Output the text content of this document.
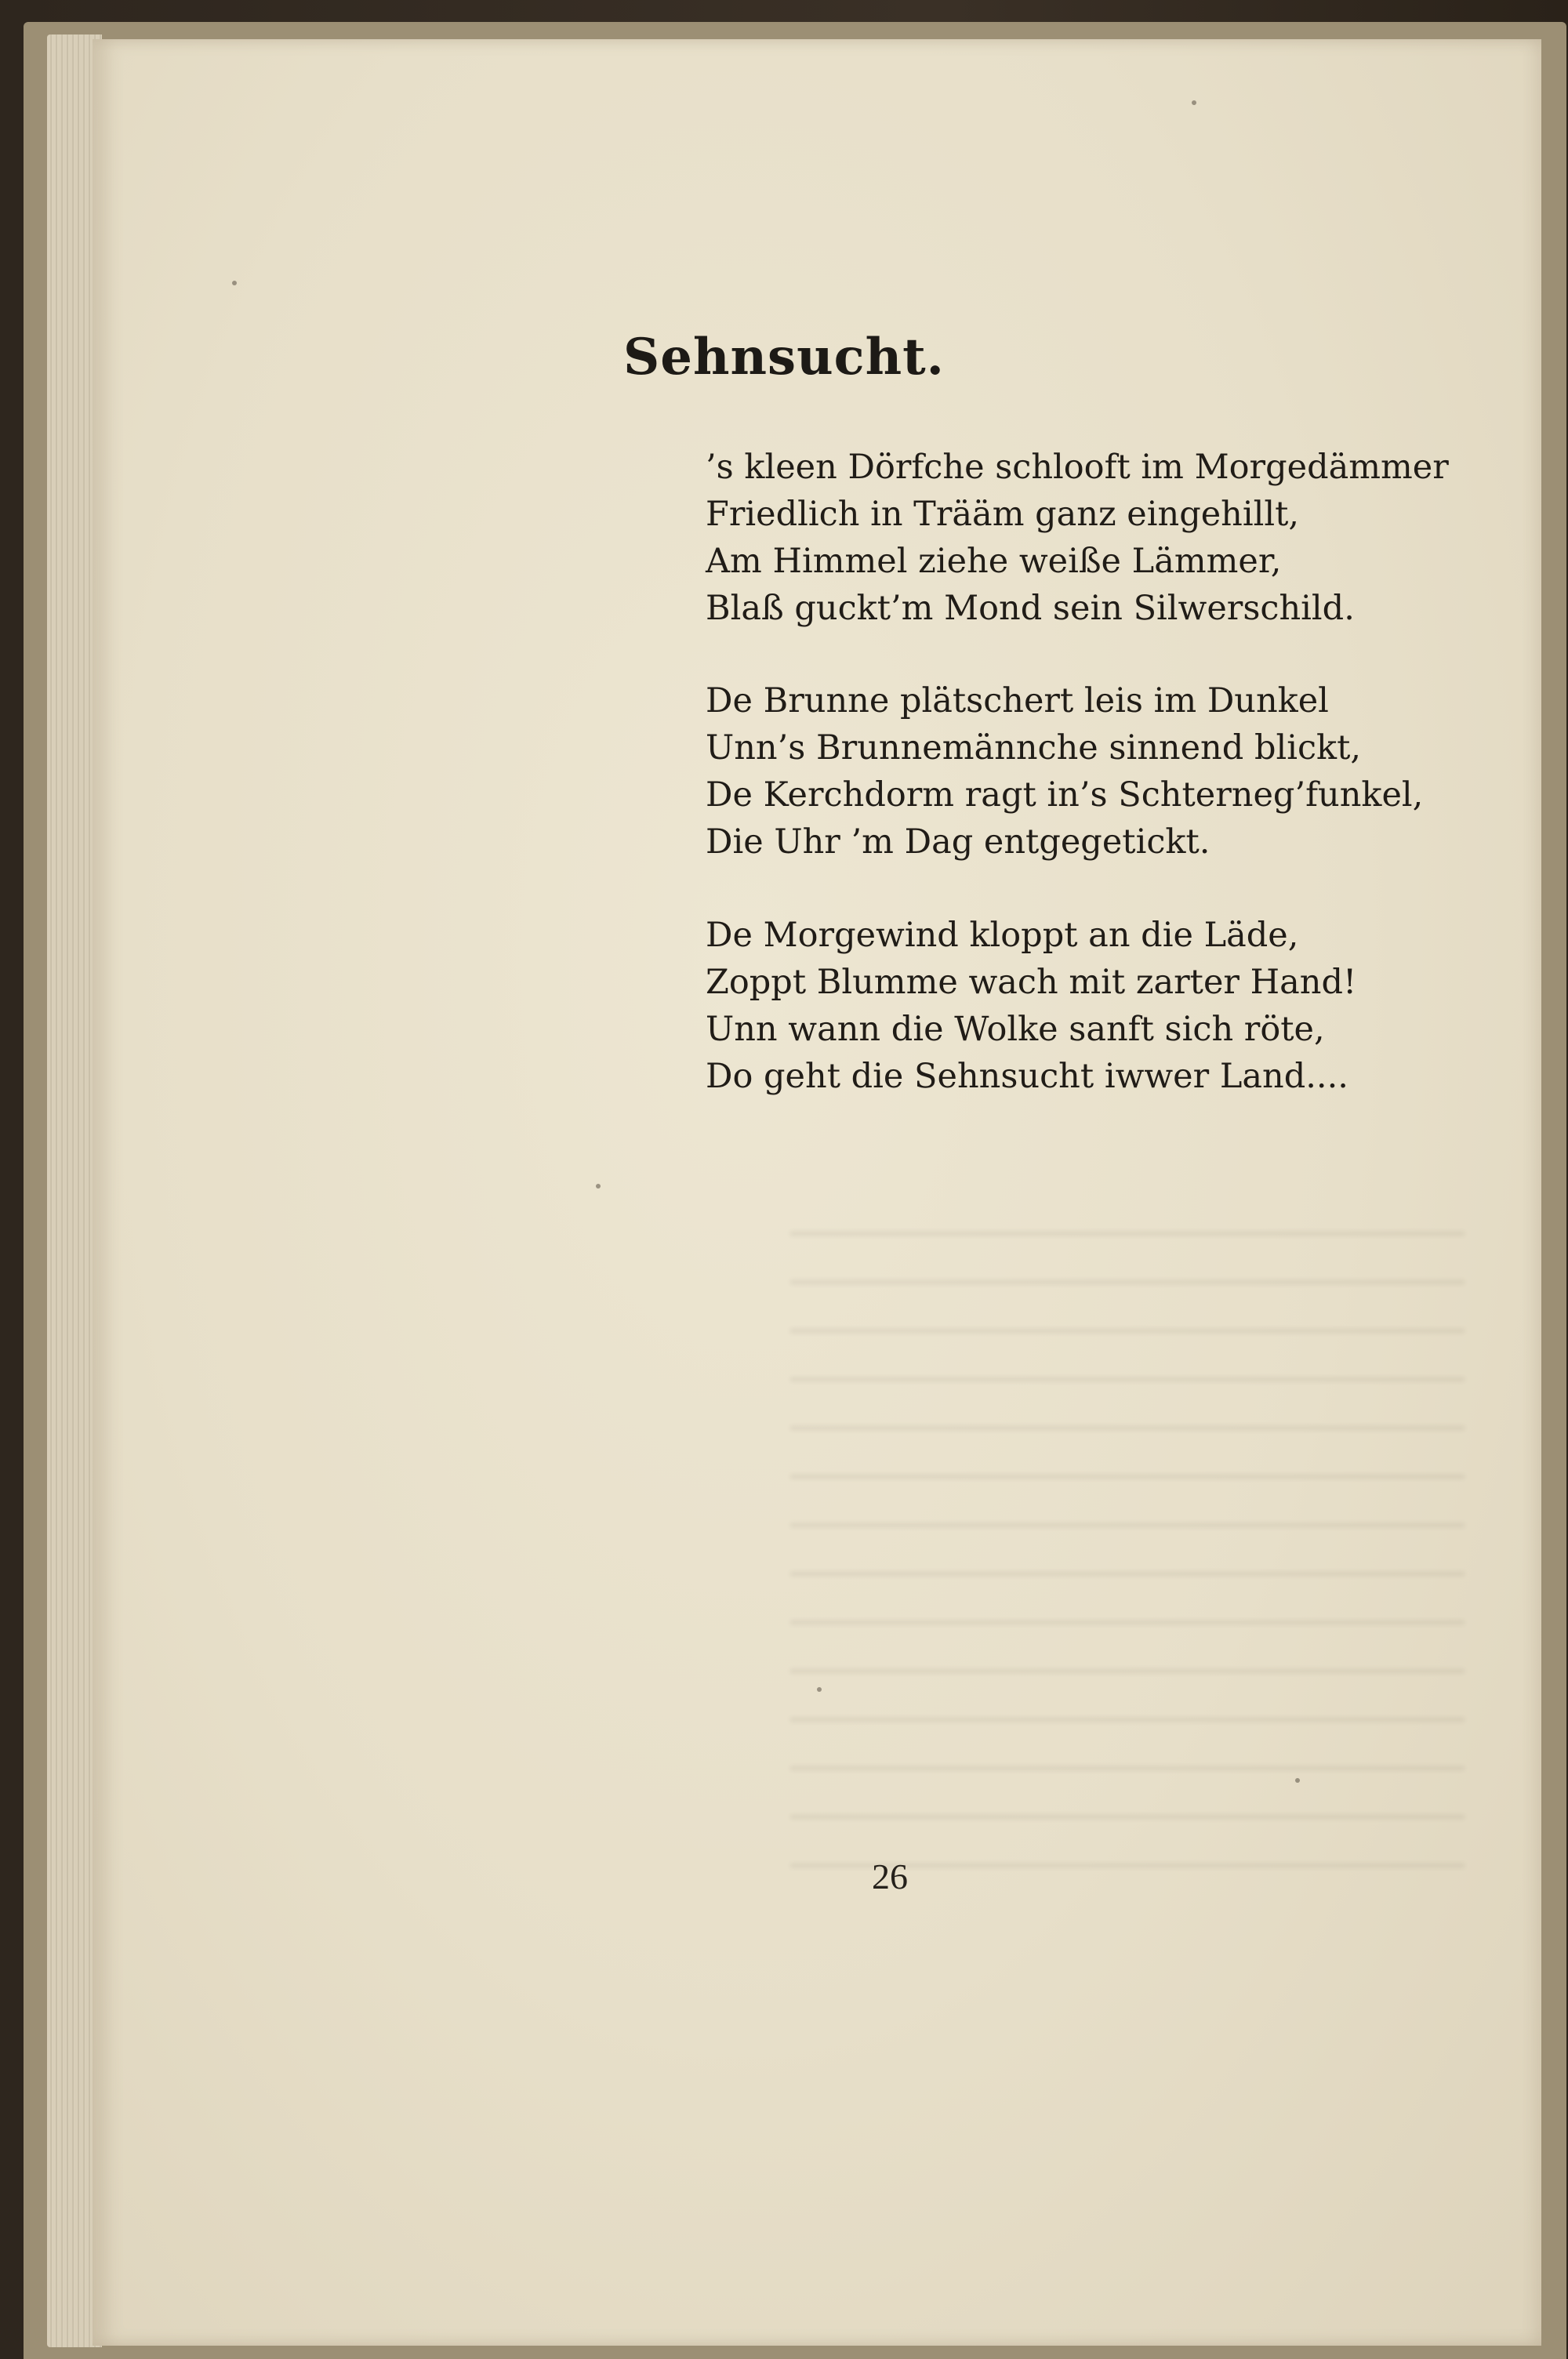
Sehnsucht.
’s kleen Dörfche schlooft im Morgedämmer
Friedlich in Trääm ganz eingehillt,
Am Himmel ziehe weiße Lämmer,
Blaß guckt’m Mond sein Silwerschild.
De Brunne plätschert leis im Dunkel
Unn’s Brunnemännche sinnend blickt,
De Kerchdorm ragt in’s Schterneg’funkel,
Die Uhr ’m Dag entgegetickt.
De Morgewind kloppt an die Läde,
Zoppt Blumme wach mit zarter Hand!
Unn wann die Wolke sanft sich röte,
Do geht die Sehnsucht iwwer Land....
26
